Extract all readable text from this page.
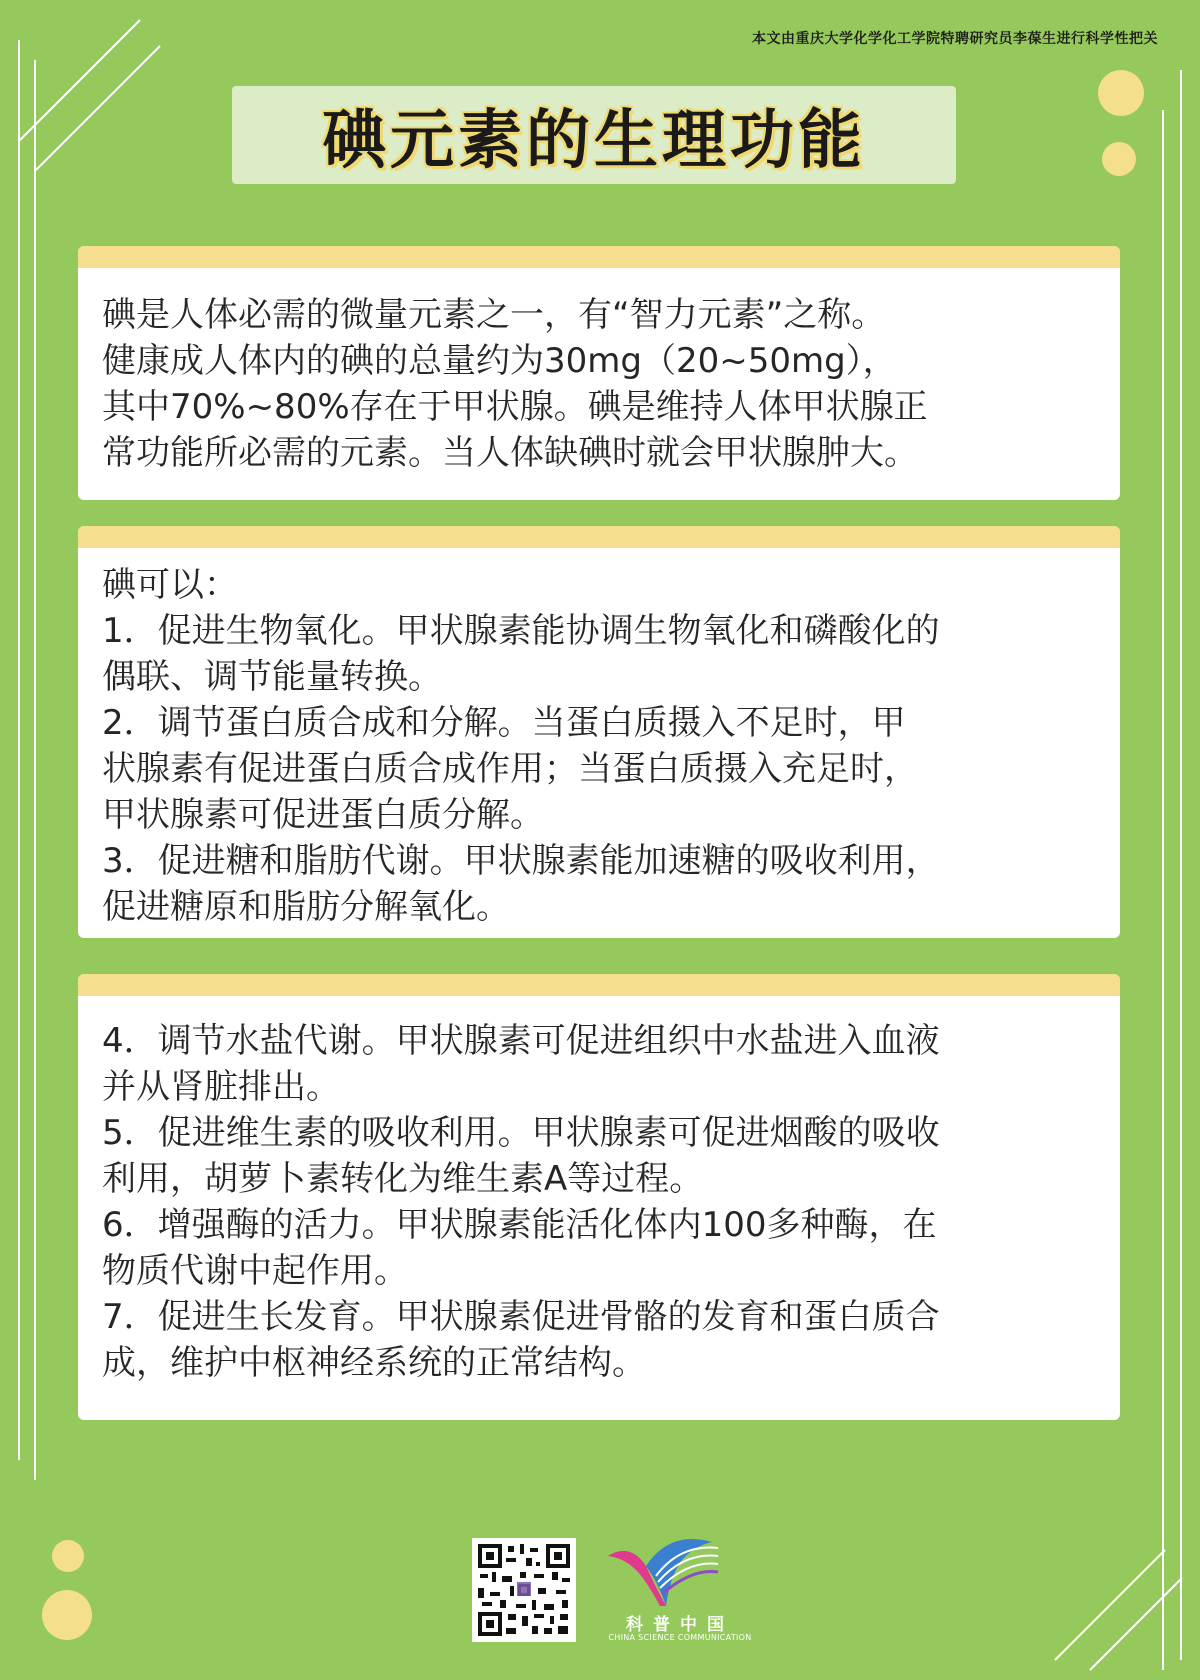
本文由重庆大学化学化工学院特聘研究员李葆生进行科学性把关
碘元素的生理功能

碘是人体必需的微量元素之一，有“智力元素”之称。

健康成人体内的碘的总量约为30mg（20~50mg），

其中70%~80%存在于甲状腺。碘是维持人体甲状腺正

常功能所必需的元素。当人体缺碘时就会甲状腺肿大。

碘可以：

1．促进生物氧化。甲状腺素能协调生物氧化和磷酸化的

偶联、调节能量转换。

2．调节蛋白质合成和分解。当蛋白质摄入不足时，甲

状腺素有促进蛋白质合成作用；当蛋白质摄入充足时，

甲状腺素可促进蛋白质分解。

3．促进糖和脂肪代谢。甲状腺素能加速糖的吸收利用，

促进糖原和脂肪分解氧化。

4．调节水盐代谢。甲状腺素可促进组织中水盐进入血液

并从肾脏排出。

5．促进维生素的吸收利用。甲状腺素可促进烟酸的吸收

利用，胡萝卜素转化为维生素A等过程。

6．增强酶的活力。甲状腺素能活化体内100多种酶，在

物质代谢中起作用。

7．促进生长发育。甲状腺素促进骨骼的发育和蛋白质合

成，维护中枢神经系统的正常结构。

科普中国
CHINA SCIENCE COMMUNICATION
